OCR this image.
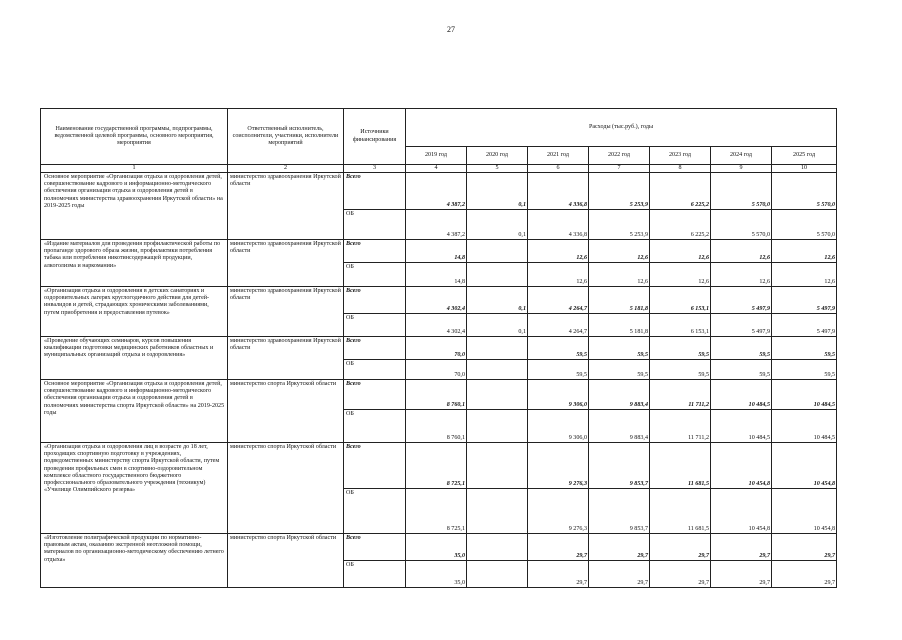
27
Наименование государственной программы, подпрограммы, ведомственной целевой программы, основного мероприятия, мероприятия	Ответственный исполнитель, соисполнители, участники, исполнители мероприятий	Источники финансирования	Расходы (тыс.руб.), годы						
			2019 год	2020 год	2021 год	2022 год	2023 год	2024 год	2025 год
1	2	3	4	5	6	7	8	9	10
Основное мероприятие «Организация отдыха и оздоровления детей, совершенствование кадрового и информационно-методического обеспечения организации отдыха и оздоровления детей в полномочиях министерства здравоохранения Иркутской области» на 2019-2025 годы	министерство здравоохранения Иркутской области	Всего	4 387,2	0,1	4 336,8	5 253,9	6 225,2	5 570,0	5 570,0
		ОБ	4 387,2	0,1	4 336,8	5 253,9	6 225,2	5 570,0	5 570,0
«Издание материалов для проведения профилактической работы по пропаганде здорового образа жизни, профилактики потребления табака или потребления никотинсодержащей продукции, алкоголизма и наркомании»	министерство здравоохранения Иркутской области	Всего	14,8		12,6	12,6	12,6	12,6	12,6
		ОБ	14,8		12,6	12,6	12,6	12,6	12,6
«Организация отдыха и оздоровления в детских санаториях и оздоровительных лагерях круглогодичного действия для детей-инвалидов и детей, страдающих хроническими заболеваниями, путем приобретения и предоставления путевок»	министерство здравоохранения Иркутской области	Всего	4 302,4	0,1	4 264,7	5 181,8	6 153,1	5 497,9	5 497,9
		ОБ	4 302,4	0,1	4 264,7	5 181,8	6 153,1	5 497,9	5 497,9
«Проведение обучающих семинаров, курсов повышения квалификации подготовки медицинских работников областных и муниципальных организаций отдыха и оздоровления»	министерство здравоохранения Иркутской области	Всего	70,0		59,5	59,5	59,5	59,5	59,5
		ОБ	70,0		59,5	59,5	59,5	59,5	59,5
Основное мероприятие «Организация отдыха и оздоровления детей, совершенствование кадрового и информационно-методического обеспечения организации отдыха и оздоровления детей в полномочиях министерства спорта Иркутской области» на 2019-2025 годы	министерство спорта Иркутской области	Всего	8 760,1		9 306,0	9 883,4	11 711,2	10 484,5	10 484,5
		ОБ	8 760,1		9 306,0	9 883,4	11 711,2	10 484,5	10 484,5
«Организация отдыха и оздоровления лиц в возрасте до 18 лет, проходящих спортивную подготовку в учреждениях, подведомственных министерству спорта Иркутской области, путем проведения профильных смен в спортивно-оздоровительном комплексе областного государственного бюджетного профессионального образовательного учреждения (техникум) «Училище Олимпийского резерва»	министерство спорта Иркутской области	Всего	8 725,1		9 276,3	9 853,7	11 681,5	10 454,8	10 454,8
		ОБ	8 725,1		9 276,3	9 853,7	11 681,5	10 454,8	10 454,8
«Изготовление полиграфической продукции по нормативно-правовым актам, оказанию экстренной неотложной помощи, материалов по организационно-методическому обеспечению летнего отдыха»	министерство спорта Иркутской области	Всего	35,0		29,7	29,7	29,7	29,7	29,7
		ОБ	35,0		29,7	29,7	29,7	29,7	29,7
